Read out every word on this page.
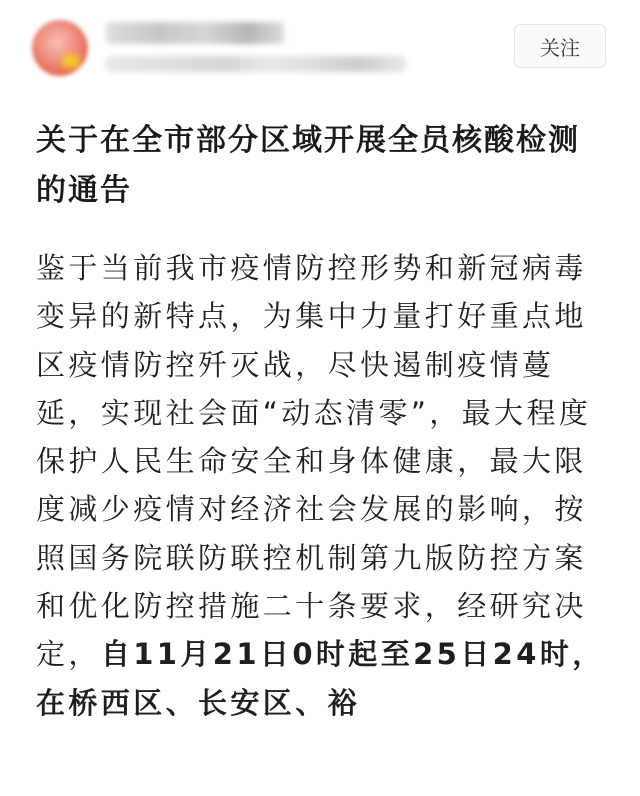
关注
关于在全市部分区域开展全员核酸检测的通告

鉴于当前我市疫情防控形势和新冠病毒变异的新特点，为集中力量打好重点地区疫情防控歼灭战，尽快遏制疫情蔓延，实现社会面“动态清零”，最大程度保护人民生命安全和身体健康，最大限度减少疫情对经济社会发展的影响，按照国务院联防联控机制第九版防控方案和优化防控措施二十条要求，经研究决定，自11月21日0时起至25日24时，在桥西区、长安区、裕
